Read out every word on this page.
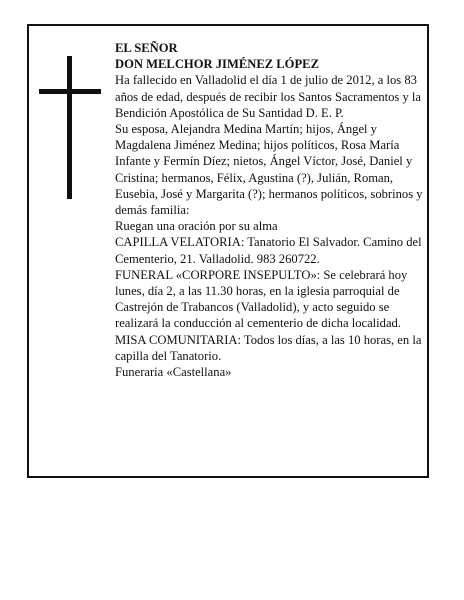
EL SEÑOR

DON MELCHOR JIMÉNEZ LÓPEZ

Ha fallecido en Valladolid el día 1 de julio de 2012, a los 83 años de edad, después de recibir los Santos Sacramentos y la Bendición Apostólica de Su Santidad D. E. P.

Su esposa, Alejandra Medina Martín; hijos, Ángel y Magdalena Jiménez Medina; hijos políticos, Rosa María Infante y Fermín Díez; nietos, Ángel Víctor, José, Daniel y Cristina; hermanos, Félix, Agustina (?), Julián, Roman, Eusebia, José y Margarita (?); hermanos políticos, sobrinos y demás familia:

Ruegan una oración por su alma

CAPILLA VELATORIA: Tanatorio El Salvador. Camino del Cementerio, 21. Valladolid. 983 260722.

FUNERAL «CORPORE INSEPULTO»: Se celebrará hoy lunes, día 2, a las 11.30 horas, en la iglesia parroquial de Castrejón de Trabancos (Valladolid), y acto seguido se realizará la conducción al cementerio de dicha localidad.

MISA COMUNITARIA: Todos los días, a las 10 horas, en la capilla del Tanatorio.

Funeraria «Castellana»
